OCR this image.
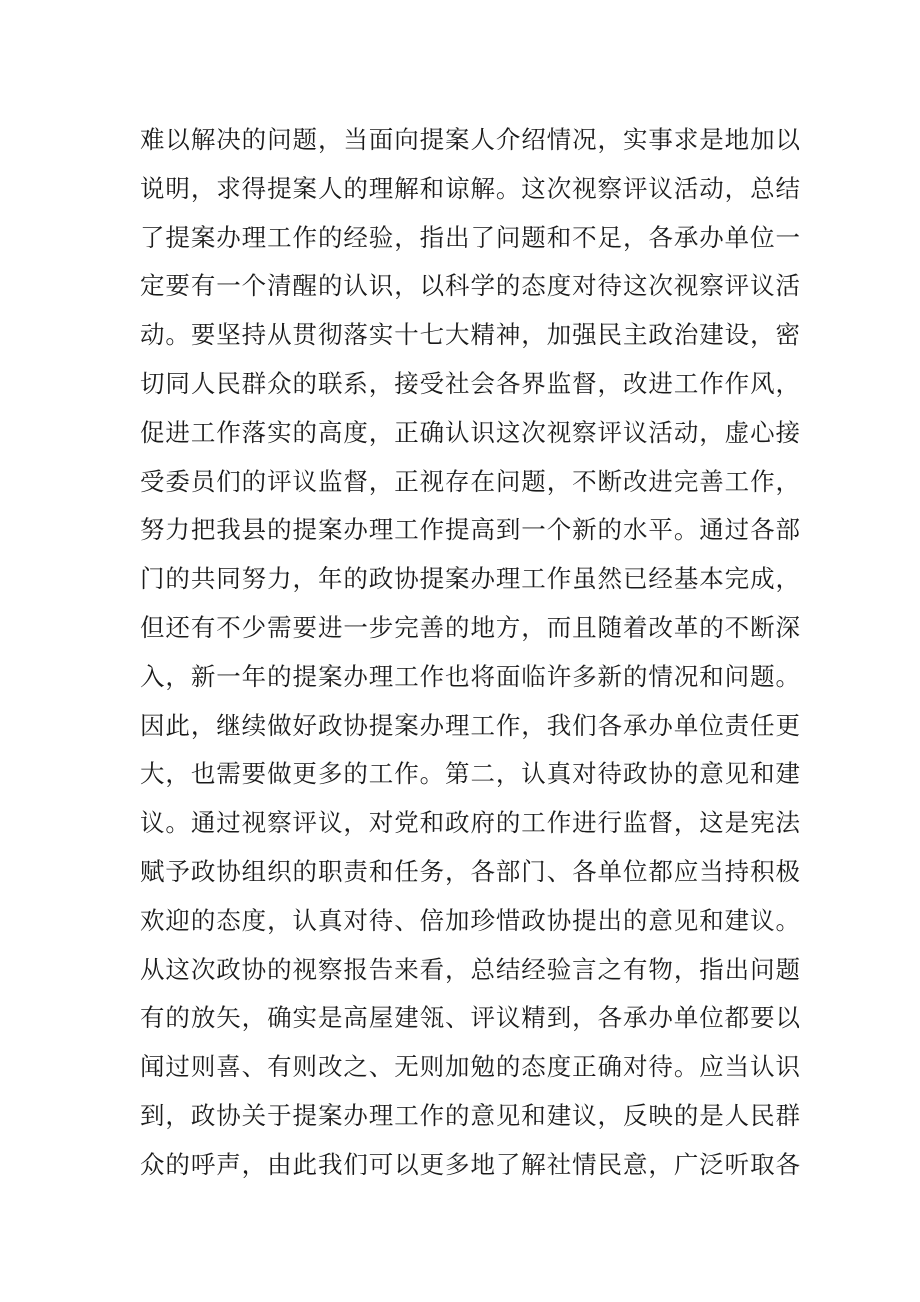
难以解决的问题，当面向提案人介绍情况，实事求是地加以
说明，求得提案人的理解和谅解。这次视察评议活动，总结
了提案办理工作的经验，指出了问题和不足，各承办单位一
定要有一个清醒的认识，以科学的态度对待这次视察评议活
动。要坚持从贯彻落实十七大精神，加强民主政治建设，密
切同人民群众的联系，接受社会各界监督，改进工作作风，
促进工作落实的高度，正确认识这次视察评议活动，虚心接
受委员们的评议监督，正视存在问题，不断改进完善工作，
努力把我县的提案办理工作提高到一个新的水平。通过各部
门的共同努力，年的政协提案办理工作虽然已经基本完成，
但还有不少需要进一步完善的地方，而且随着改革的不断深
入，新一年的提案办理工作也将面临许多新的情况和问题。
因此，继续做好政协提案办理工作，我们各承办单位责任更
大，也需要做更多的工作。第二，认真对待政协的意见和建
议。通过视察评议，对党和政府的工作进行监督，这是宪法
赋予政协组织的职责和任务，各部门、各单位都应当持积极
欢迎的态度，认真对待、倍加珍惜政协提出的意见和建议。
从这次政协的视察报告来看，总结经验言之有物，指出问题
有的放矢，确实是高屋建瓴、评议精到，各承办单位都要以
闻过则喜、有则改之、无则加勉的态度正确对待。应当认识
到，政协关于提案办理工作的意见和建议，反映的是人民群
众的呼声，由此我们可以更多地了解社情民意，广泛听取各
